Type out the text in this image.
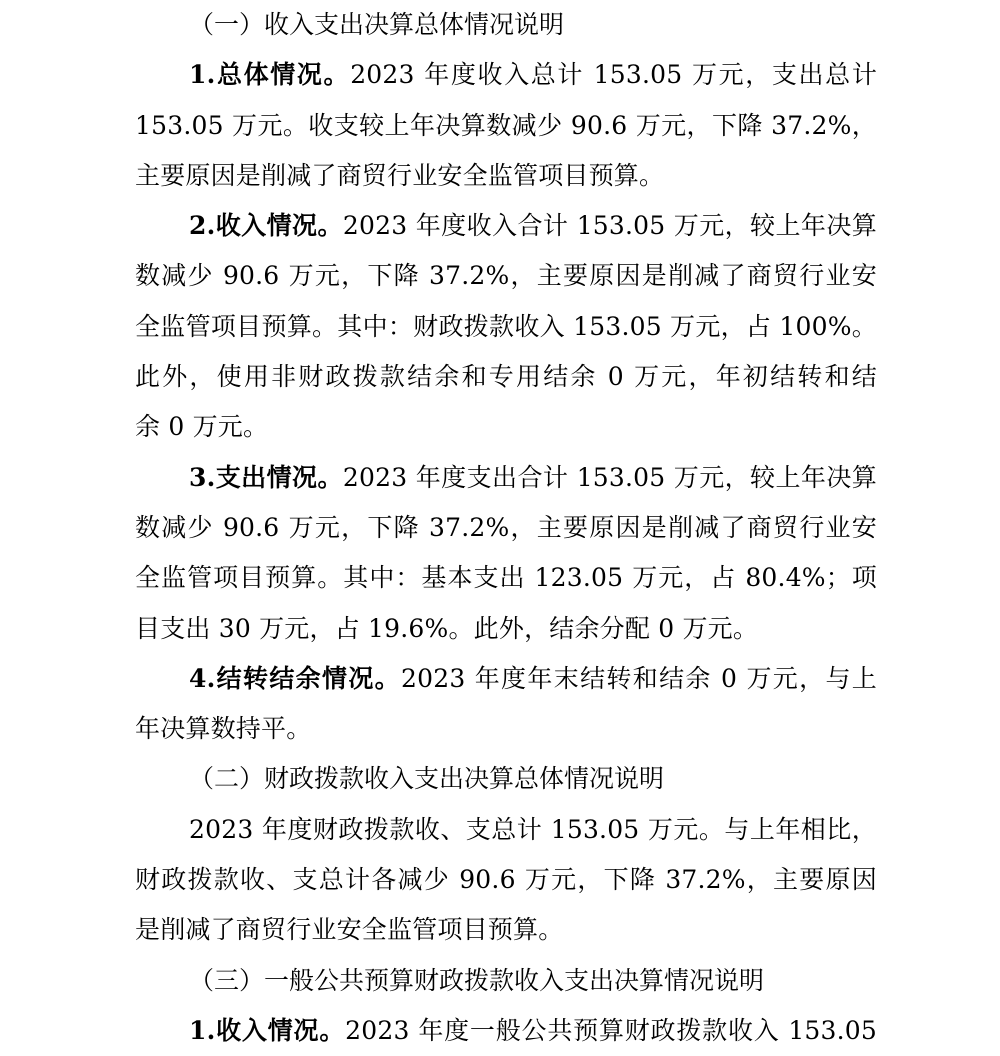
（一）收入支出决算总体情况说明

1.总体情况。2023 年度收入总计 153.05 万元，支出总计

153.05 万元。收支较上年决算数减少 90.6 万元，下降 37.2%，

主要原因是削减了商贸行业安全监管项目预算。

2.收入情况。2023 年度收入合计 153.05 万元，较上年决算

数减少 90.6 万元，下降 37.2%，主要原因是削减了商贸行业安

全监管项目预算。其中：财政拨款收入 153.05 万元，占 100%。

此外，使用非财政拨款结余和专用结余 0 万元，年初结转和结

余 0 万元。

3.支出情况。2023 年度支出合计 153.05 万元，较上年决算

数减少 90.6 万元，下降 37.2%，主要原因是削减了商贸行业安

全监管项目预算。其中：基本支出 123.05 万元，占 80.4%；项

目支出 30 万元，占 19.6%。此外，结余分配 0 万元。

4.结转结余情况。2023 年度年末结转和结余 0 万元，与上

年决算数持平。

（二）财政拨款收入支出决算总体情况说明

2023 年度财政拨款收、支总计 153.05 万元。与上年相比，

财政拨款收、支总计各减少 90.6 万元，下降 37.2%，主要原因

是削减了商贸行业安全监管项目预算。

（三）一般公共预算财政拨款收入支出决算情况说明

1.收入情况。2023 年度一般公共预算财政拨款收入 153.05
